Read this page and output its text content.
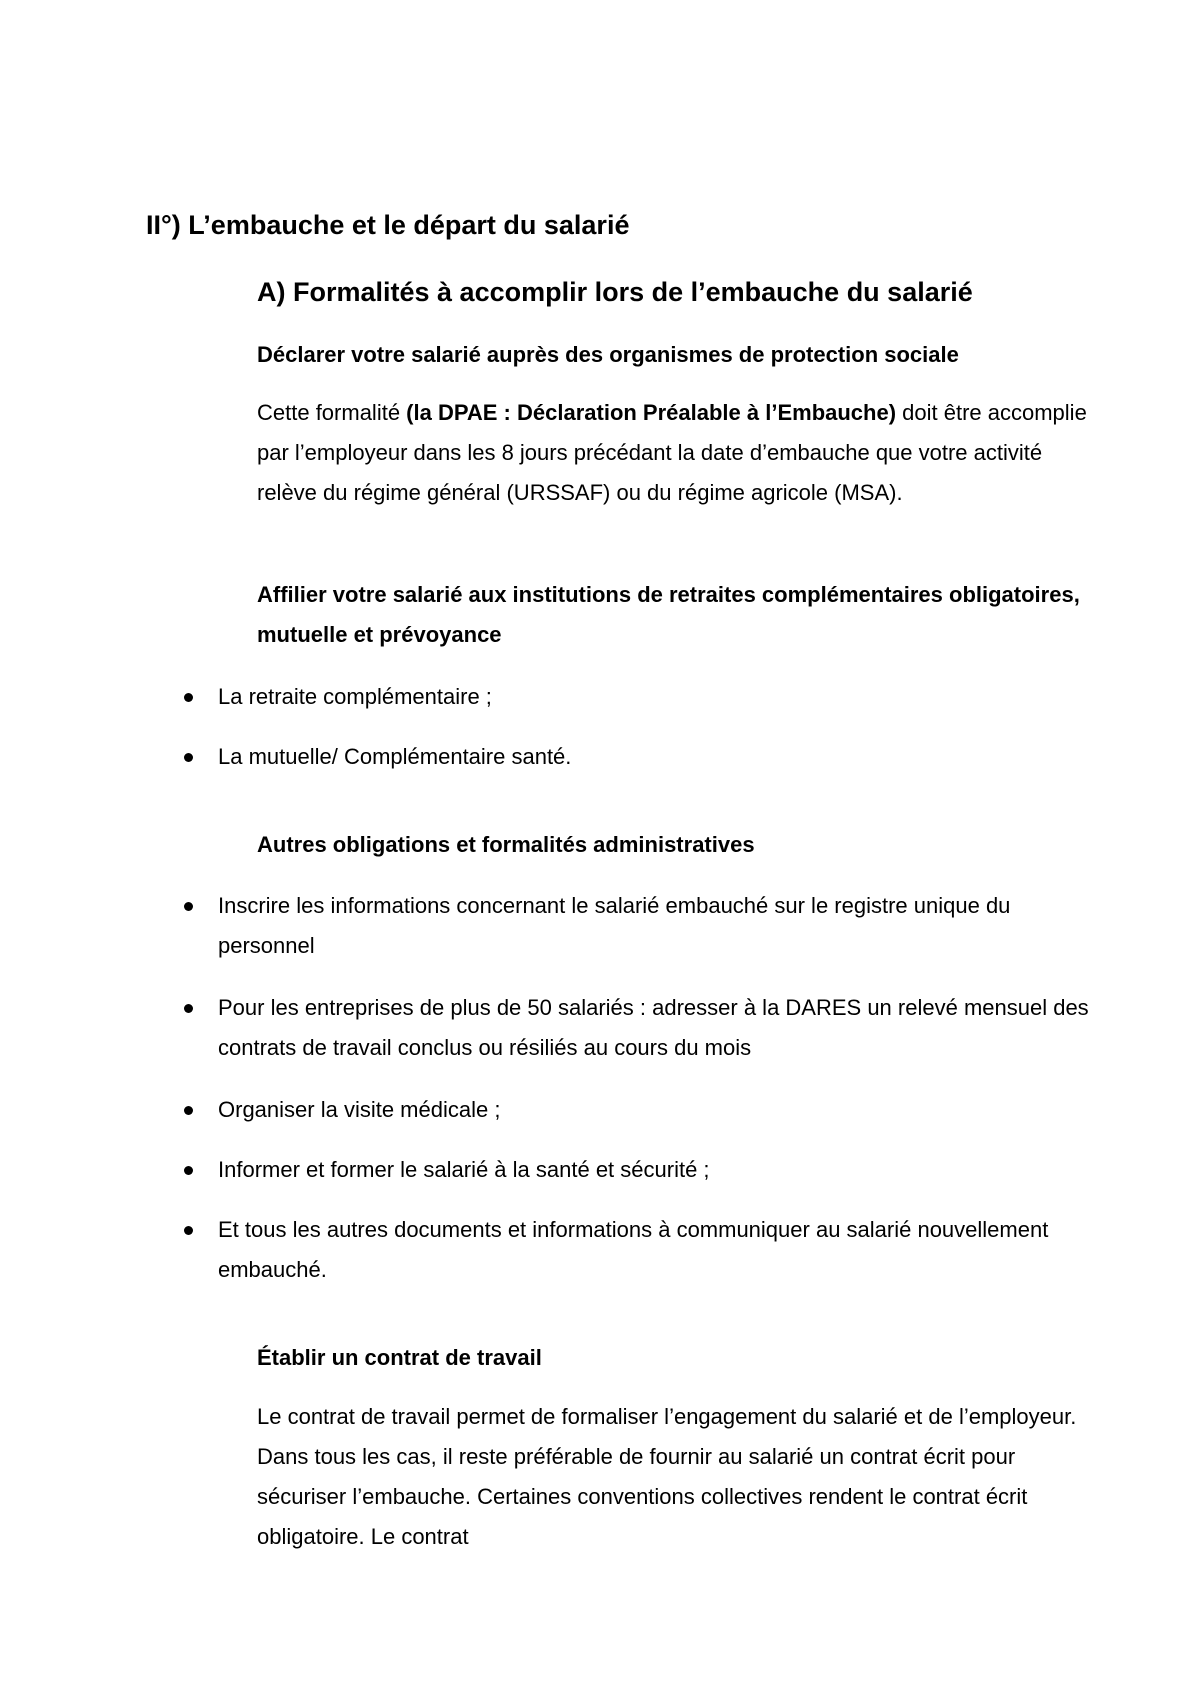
II°) L’embauche et le départ du salarié
A) Formalités à accomplir lors de l’embauche du salarié
Déclarer votre salarié auprès des organismes de protection sociale
Cette formalité (la DPAE : Déclaration Préalable à l’Embauche) doit être accomplie par l’employeur dans les 8 jours précédant la date d’embauche que votre activité relève du régime général (URSSAF) ou du régime agricole (MSA).
Affilier votre salarié aux institutions de retraites complémentaires obligatoires, mutuelle et prévoyance
La retraite complémentaire ;
La mutuelle/ Complémentaire santé.
Autres obligations et formalités administratives
Inscrire les informations concernant le salarié embauché sur le registre unique du personnel
Pour les entreprises de plus de 50 salariés : adresser à la DARES un relevé mensuel des contrats de travail conclus ou résiliés au cours du mois
Organiser la visite médicale ;
Informer et former le salarié à la santé et sécurité ;
Et tous les autres documents et informations à communiquer au salarié nouvellement embauché.
Établir un contrat de travail
Le contrat de travail permet de formaliser l’engagement du salarié et de l’employeur. Dans tous les cas, il reste préférable de fournir au salarié un contrat écrit pour sécuriser l’embauche. Certaines conventions collectives rendent le contrat écrit obligatoire. Le contrat
